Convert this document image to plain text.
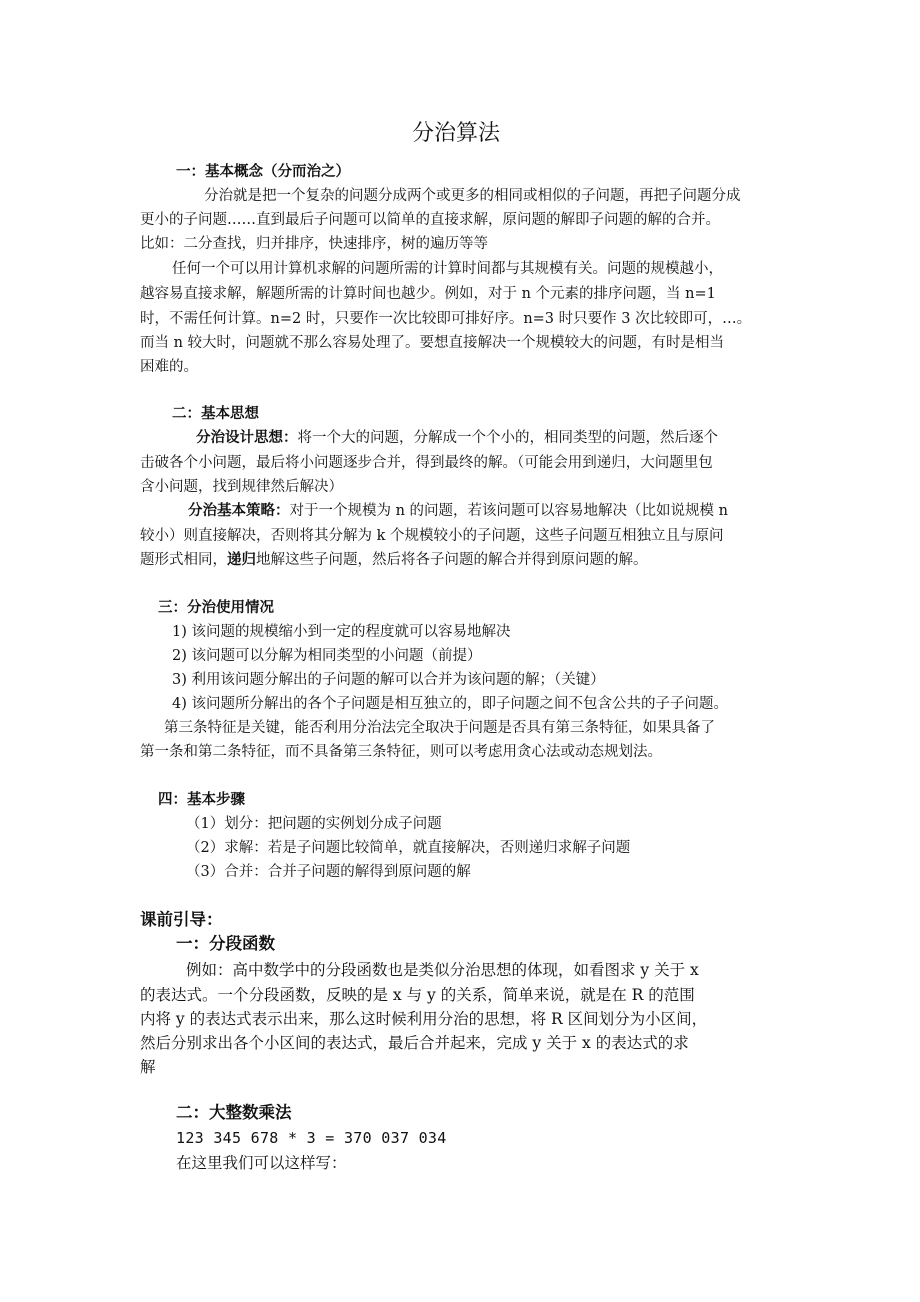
分治算法
一：基本概念（分而治之）
分治就是把一个复杂的问题分成两个或更多的相同或相似的子问题，再把子问题分成
更小的子问题……直到最后子问题可以简单的直接求解，原问题的解即子问题的解的合并。
比如：二分查找，归并排序，快速排序，树的遍历等等
任何一个可以用计算机求解的问题所需的计算时间都与其规模有关。问题的规模越小，
越容易直接求解，解题所需的计算时间也越少。例如，对于 n 个元素的排序问题，当 n=1
时，不需任何计算。n=2 时，只要作一次比较即可排好序。n=3 时只要作 3 次比较即可，…。
而当 n 较大时，问题就不那么容易处理了。要想直接解决一个规模较大的问题，有时是相当
困难的。
二：基本思想
分治设计思想：将一个大的问题，分解成一个个小的，相同类型的问题，然后逐个
击破各个小问题，最后将小问题逐步合并，得到最终的解。（可能会用到递归，大问题里包
含小问题，找到规律然后解决）
分治基本策略：对于一个规模为 n 的问题，若该问题可以容易地解决（比如说规模 n
较小）则直接解决，否则将其分解为 k 个规模较小的子问题，这些子问题互相独立且与原问
题形式相同，递归地解这些子问题，然后将各子问题的解合并得到原问题的解。
三：分治使用情况
1) 该问题的规模缩小到一定的程度就可以容易地解决
2) 该问题可以分解为相同类型的小问题（前提）
3) 利用该问题分解出的子问题的解可以合并为该问题的解；（关键）
4) 该问题所分解出的各个子问题是相互独立的，即子问题之间不包含公共的子子问题。
第三条特征是关键，能否利用分治法完全取决于问题是否具有第三条特征，如果具备了
第一条和第二条特征，而不具备第三条特征，则可以考虑用贪心法或动态规划法。
四：基本步骤
（1）划分：把问题的实例划分成子问题
（2）求解：若是子问题比较简单，就直接解决，否则递归求解子问题
（3）合并：合并子问题的解得到原问题的解
课前引导：
一：分段函数
例如：高中数学中的分段函数也是类似分治思想的体现，如看图求 y 关于 x
的表达式。一个分段函数，反映的是 x 与 y 的关系，简单来说，就是在 R 的范围
内将 y 的表达式表示出来，那么这时候利用分治的思想，将 R 区间划分为小区间，
然后分别求出各个小区间的表达式，最后合并起来，完成 y 关于 x 的表达式的求
解
二：大整数乘法
123 345 678 * 3 = 370 037 034
在这里我们可以这样写：
